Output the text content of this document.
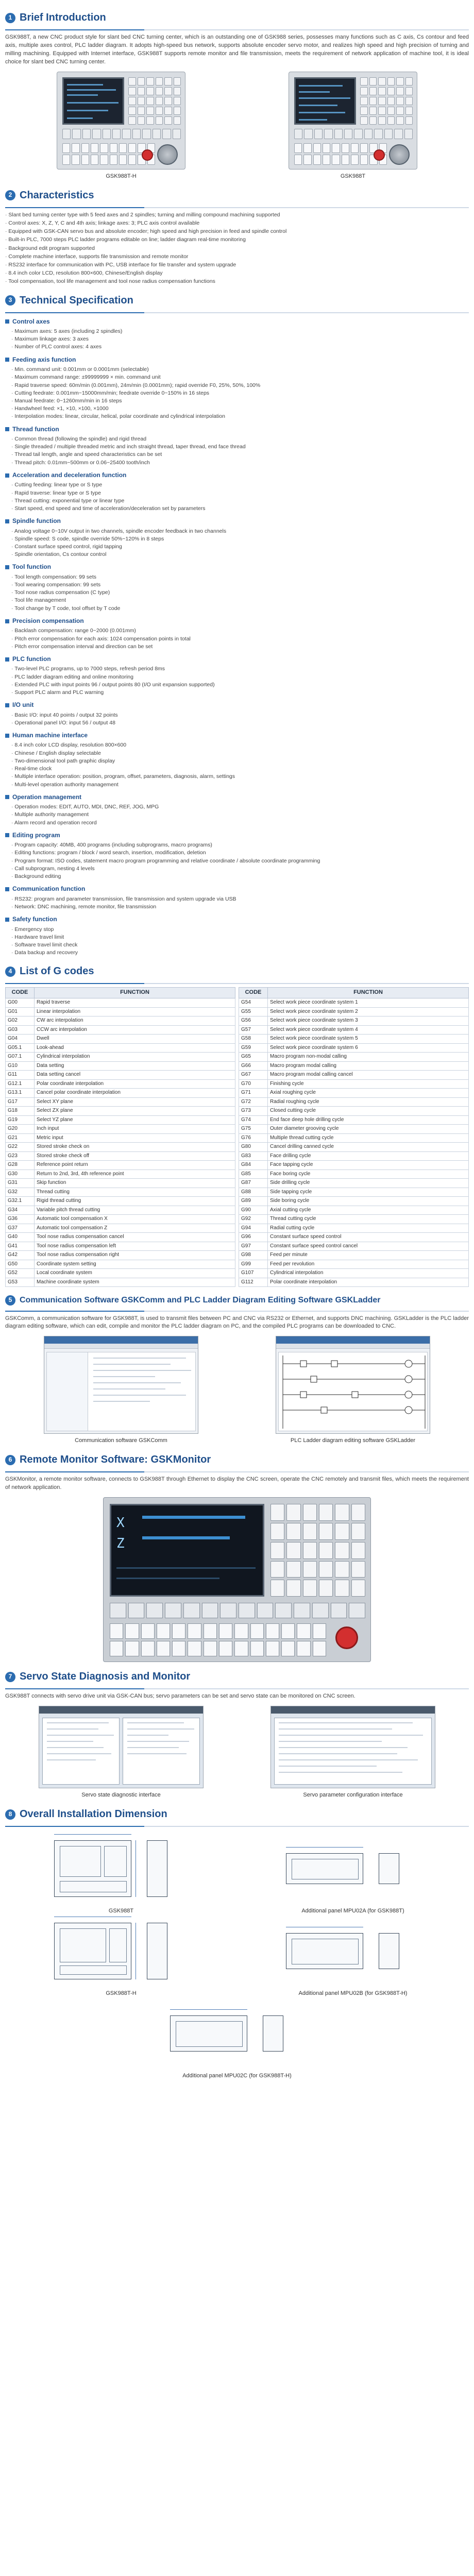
1 Brief Introduction

GSK988T, a new CNC product style for slant bed CNC turning center, which is an outstanding one of GSK988 series, possesses many functions such as C axis, Cs contour and feed axis, multiple axes control, PLC ladder diagram. It adopts high-speed bus network, supports absolute encoder servo motor, and realizes high speed and high precision of turning and milling machining. Equipped with Internet interface, GSK988T supports remote monitor and file transmission, meets the requirement of network application of machine tool, it is ideal choice for slant bed CNC turning center.

GSK988T-H	GSK988T
2 Characteristics
· Slant bed turning center type with 5 feed axes and 2 spindles; turning and milling compound machining supported
· Control axes: X, Z, Y, C and 4th axis; linkage axes: 3; PLC axis control available
· Equipped with GSK-CAN servo bus and absolute encoder; high speed and high precision in feed and spindle control
· Built-in PLC, 7000 steps PLC ladder programs editable on line; ladder diagram real-time monitoring
· Background edit program supported
· Complete machine interface, supports file transmission and remote monitor
· RS232 interface for communication with PC, USB interface for file transfer and system upgrade
· 8.4 inch color LCD, resolution 800×600, Chinese/English display
· Tool compensation, tool life management and tool nose radius compensation functions
3 Technical Specification
Control axes
· Maximum axes: 5 axes (including 2 spindles)
· Maximum linkage axes: 3 axes
· Number of PLC control axes: 4 axes
Feeding axis function
· Min. command unit: 0.001mm or 0.0001mm (selectable)
· Maximum command range: ±99999999 × min. command unit
· Rapid traverse speed: 60m/min (0.001mm), 24m/min (0.0001mm); rapid override F0, 25%, 50%, 100%
· Cutting feedrate: 0.001mm~15000mm/min; feedrate override 0~150% in 16 steps
· Manual feedrate: 0~1260mm/min in 16 steps
· Handwheel feed: ×1, ×10, ×100, ×1000
· Interpolation modes: linear, circular, helical, polar coordinate and cylindrical interpolation
Thread function
· Common thread (following the spindle) and rigid thread
· Single threaded / multiple threaded metric and inch straight thread, taper thread, end face thread
· Thread tail length, angle and speed characteristics can be set
· Thread pitch: 0.01mm~500mm or 0.06~25400 tooth/inch
Acceleration and deceleration function
· Cutting feeding: linear type or S type
· Rapid traverse: linear type or S type
· Thread cutting: exponential type or linear type
· Start speed, end speed and time of acceleration/deceleration set by parameters
Spindle function
· Analog voltage 0~10V output in two channels, spindle encoder feedback in two channels
· Spindle speed: S code, spindle override 50%~120% in 8 steps
· Constant surface speed control, rigid tapping
· Spindle orientation, Cs contour control
Tool function
· Tool length compensation: 99 sets
· Tool wearing compensation: 99 sets
· Tool nose radius compensation (C type)
· Tool life management
· Tool change by T code, tool offset by T code
Precision compensation
· Backlash compensation: range 0~2000 (0.001mm)
· Pitch error compensation for each axis: 1024 compensation points in total
· Pitch error compensation interval and direction can be set
PLC function
· Two-level PLC programs, up to 7000 steps, refresh period 8ms
· PLC ladder diagram editing and online monitoring
· Extended PLC with input points 96 / output points 80 (I/O unit expansion supported)
· Support PLC alarm and PLC warning
I/O unit
· Basic I/O: input 40 points / output 32 points
· Operational panel I/O: input 56 / output 48
Human machine interface
· 8.4 inch color LCD display, resolution 800×600
· Chinese / English display selectable
· Two-dimensional tool path graphic display
· Real-time clock
· Multiple interface operation: position, program, offset, parameters, diagnosis, alarm, settings
· Multi-level operation authority management
Operation management
· Operation modes: EDIT, AUTO, MDI, DNC, REF, JOG, MPG
· Multiple authority management
· Alarm record and operation record
Editing program
· Program capacity: 40MB, 400 programs (including subprograms, macro programs)
· Editing functions: program / block / word search, insertion, modification, deletion
· Program format: ISO codes, statement macro program programming and relative coordinate / absolute coordinate programming
· Call subprogram, nesting 4 levels
· Background editing
Communication function
· RS232: program and parameter transmission, file transmission and system upgrade via USB
· Network: DNC machining, remote monitor, file transmission
Safety function
· Emergency stop
· Hardware travel limit
· Software travel limit check
· Data backup and recovery
4 List of G codes
CODE	FUNCTION
G00	Rapid traverse
G01	Linear interpolation
G02	CW arc interpolation
G03	CCW arc interpolation
G04	Dwell
G05.1	Look-ahead
G07.1	Cylindrical interpolation
G10	Data setting
G11	Data setting cancel
G12.1	Polar coordinate interpolation
G13.1	Cancel polar coordinate interpolation
G17	Select XY plane
G18	Select ZX plane
G19	Select YZ plane
G20	Inch input
G21	Metric input
G22	Stored stroke check on
G23	Stored stroke check off
G28	Reference point return
G30	Return to 2nd, 3rd, 4th reference point
G31	Skip function
G32	Thread cutting
G32.1	Rigid thread cutting
G34	Variable pitch thread cutting
G36	Automatic tool compensation X
G37	Automatic tool compensation Z
G40	Tool nose radius compensation cancel
G41	Tool nose radius compensation left
G42	Tool nose radius compensation right
G50	Coordinate system setting
G52	Local coordinate system
G53	Machine coordinate system
CODE	FUNCTION
G54	Select work piece coordinate system 1
G55	Select work piece coordinate system 2
G56	Select work piece coordinate system 3
G57	Select work piece coordinate system 4
G58	Select work piece coordinate system 5
G59	Select work piece coordinate system 6
G65	Macro program non-modal calling
G66	Macro program modal calling
G67	Macro program modal calling cancel
G70	Finishing cycle
G71	Axial roughing cycle
G72	Radial roughing cycle
G73	Closed cutting cycle
G74	End face deep hole drilling cycle
G75	Outer diameter grooving cycle
G76	Multiple thread cutting cycle
G80	Cancel drilling canned cycle
G83	Face drilling cycle
G84	Face tapping cycle
G85	Face boring cycle
G87	Side drilling cycle
G88	Side tapping cycle
G89	Side boring cycle
G90	Axial cutting cycle
G92	Thread cutting cycle
G94	Radial cutting cycle
G96	Constant surface speed control
G97	Constant surface speed control cancel
G98	Feed per minute
G99	Feed per revolution
G107	Cylindrical interpolation
G112	Polar coordinate interpolation
5 Communication Software GSKComm and PLC Ladder Diagram Editing Software GSKLadder

GSKComm, a communication software for GSK988T, is used to transmit files between PC and CNC via RS232 or Ethernet, and supports DNC machining. GSKLadder is the PLC ladder diagram editing software, which can edit, compile and monitor the PLC ladder diagram on PC, and the compiled PLC programs can be downloaded to CNC.

Communication software GSKComm	PLC Ladder diagram editing software GSKLadder
6 Remote Monitor Software: GSKMonitor

GSKMonitor, a remote monitor software, connects to GSK988T through Ethernet to display the CNC screen, operate the CNC remotely and transmit files, which meets the requirement of network application.

X
Z
7 Servo State Diagnosis and Monitor

GSK988T connects with servo drive unit via GSK-CAN bus; servo parameters can be set and servo state can be monitored on CNC screen.

Servo state diagnostic interface	Servo parameter configuration interface
8 Overall Installation Dimension
GSK988T	Additional panel MPU02A (for GSK988T)
GSK988T-H	Additional panel MPU02B (for GSK988T-H)
Additional panel MPU02C (for GSK988T-H)
